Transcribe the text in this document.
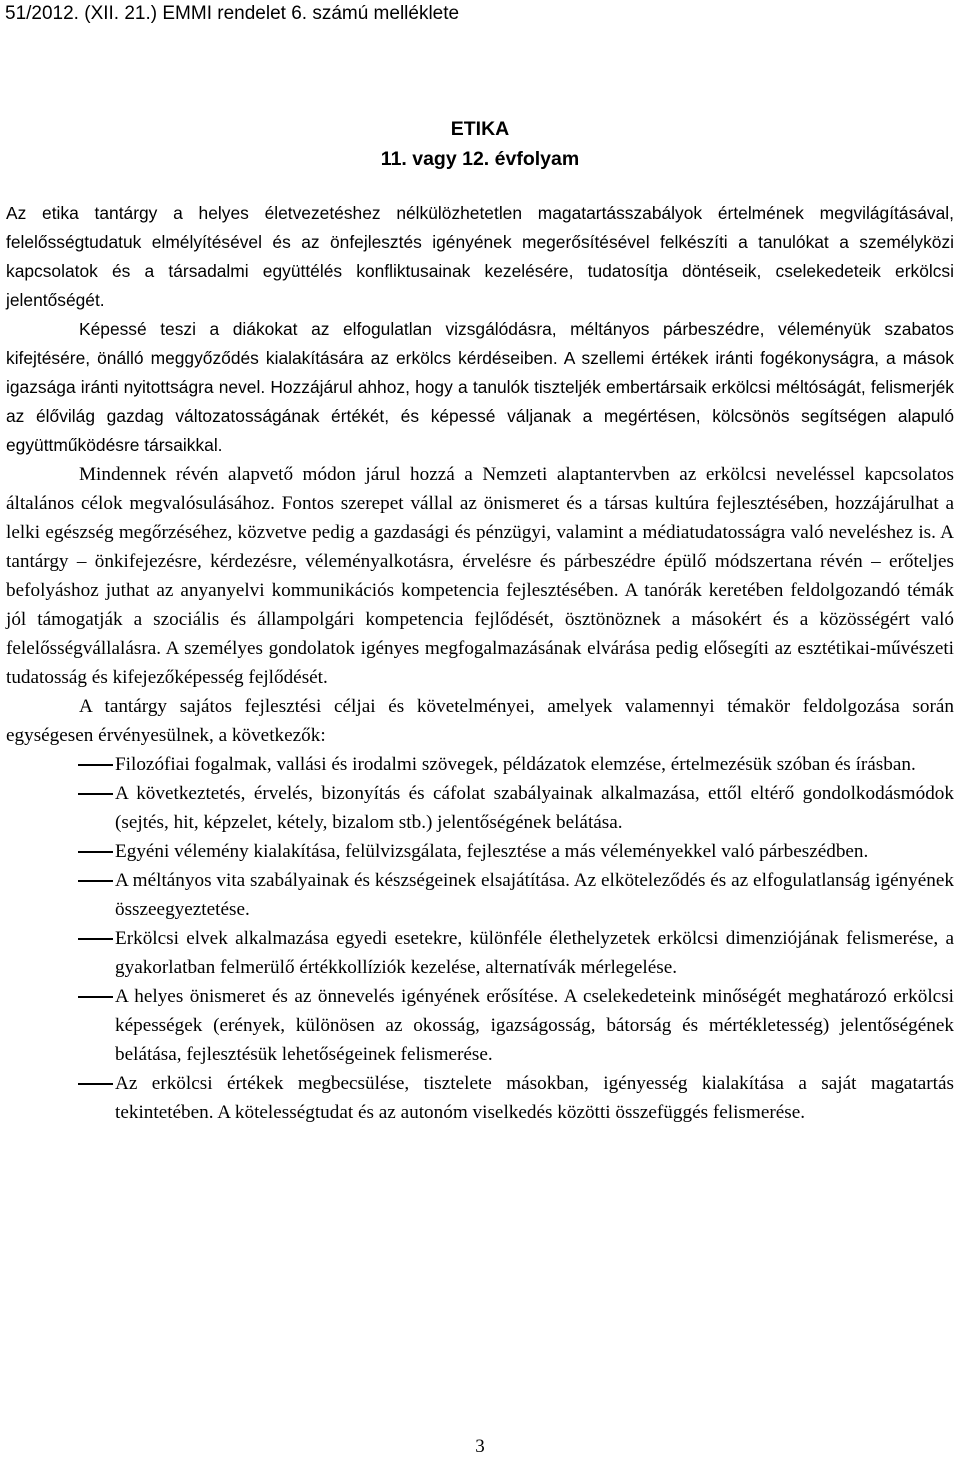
51/2012. (XII. 21.) EMMI rendelet 6. számú melléklete
ETIKA
11. vagy 12. évfolyam

Az etika tantárgy a helyes életvezetéshez nélkülözhetetlen magatartásszabályok értelmének megvilágításával, felelősségtudatuk elmélyítésével és az önfejlesztés igényének megerősítésével felkészíti a tanulókat a személyközi kapcsolatok és a társadalmi együttélés konfliktusainak kezelésére, tudatosítja döntéseik, cselekedeteik erkölcsi jelentőségét.

Képessé teszi a diákokat az elfogulatlan vizsgálódásra, méltányos párbeszédre, véleményük szabatos kifejtésére, önálló meggyőződés kialakítására az erkölcs kérdéseiben. A szellemi értékek iránti fogékonyságra, a mások igazsága iránti nyitottságra nevel. Hozzájárul ahhoz, hogy a tanulók tiszteljék embertársaik erkölcsi méltóságát, felismerjék az élővilág gazdag változatosságának értékét, és képessé váljanak a megértésen, kölcsönös segítségen alapuló együttműködésre társaikkal.

Mindennek révén alapvető módon járul hozzá a Nemzeti alaptantervben az erkölcsi neveléssel kapcsolatos általános célok megvalósulásához. Fontos szerepet vállal az önismeret és a társas kultúra fejlesztésében, hozzájárulhat a lelki egészség megőrzéséhez, közvetve pedig a gazdasági és pénzügyi, valamint a médiatudatosságra való neveléshez is. A tantárgy – önkifejezésre, kérdezésre, véleményalkotásra, érvelésre és párbeszédre épülő módszertana révén – erőteljes befolyáshoz juthat az anyanyelvi kommunikációs kompetencia fejlesztésében. A tanórák keretében feldolgozandó témák jól támogatják a szociális és állampolgári kompetencia fejlődését, ösztönöznek a másokért és a közösségért való felelősségvállalásra. A személyes gondolatok igényes megfogalmazásának elvárása pedig elősegíti az esztétikai-művészeti tudatosság és kifejezőképesség fejlődését.

A tantárgy sajátos fejlesztési céljai és követelményei, amelyek valamennyi témakör feldolgozása során egységesen érvényesülnek, a következők:

Filozófiai fogalmak, vallási és irodalmi szövegek, példázatok elemzése, értelmezésük szóban és írásban.
A következtetés, érvelés, bizonyítás és cáfolat szabályainak alkalmazása, ettől eltérő gondolkodásmódok (sejtés, hit, képzelet, kétely, bizalom stb.) jelentőségének belátása.
Egyéni vélemény kialakítása, felülvizsgálata, fejlesztése a más véleményekkel való párbeszédben.
A méltányos vita szabályainak és készségeinek elsajátítása. Az elköteleződés és az elfogulatlanság igényének összeegyeztetése.
Erkölcsi elvek alkalmazása egyedi esetekre, különféle élethelyzetek erkölcsi dimenziójának felismerése, a gyakorlatban felmerülő értékkollíziók kezelése, alternatívák mérlegelése.
A helyes önismeret és az önnevelés igényének erősítése. A cselekedeteink minőségét meghatározó erkölcsi képességek (erények, különösen az okosság, igazságosság, bátorság és mértékletesség) jelentőségének belátása, fejlesztésük lehetőségeinek felismerése.
Az erkölcsi értékek megbecsülése, tisztelete másokban, igényesség kialakítása a saját magatartás tekintetében. A kötelességtudat és az autonóm viselkedés közötti összefüggés felismerése.
3
